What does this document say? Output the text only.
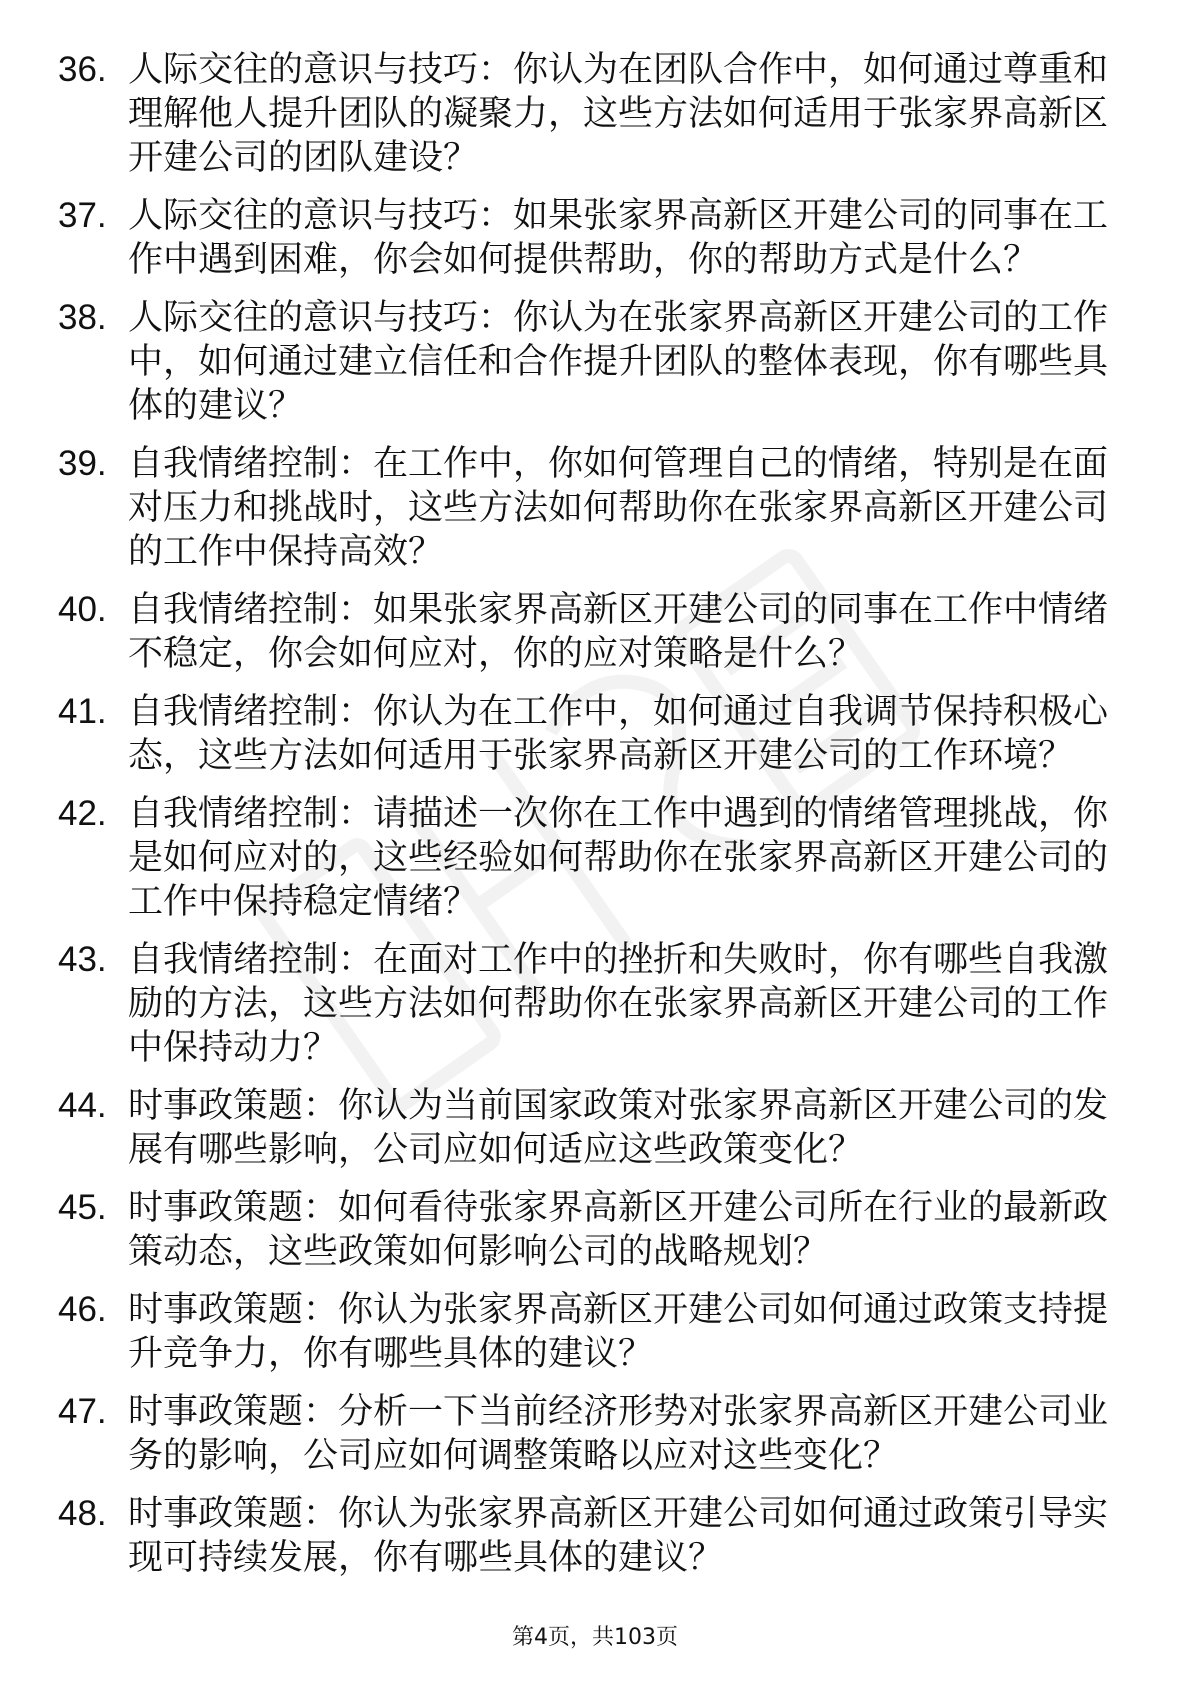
36. 人际交往的意识与技巧：你认为在团队合作中，如何通过尊重和理解他人提升团队的凝聚力，这些方法如何适用于张家界高新区开建公司的团队建设？
37. 人际交往的意识与技巧：如果张家界高新区开建公司的同事在工作中遇到困难，你会如何提供帮助，你的帮助方式是什么？
38. 人际交往的意识与技巧：你认为在张家界高新区开建公司的工作中，如何通过建立信任和合作提升团队的整体表现，你有哪些具体的建议？
39. 自我情绪控制：在工作中，你如何管理自己的情绪，特别是在面对压力和挑战时，这些方法如何帮助你在张家界高新区开建公司的工作中保持高效？
40. 自我情绪控制：如果张家界高新区开建公司的同事在工作中情绪不稳定，你会如何应对，你的应对策略是什么？
41. 自我情绪控制：你认为在工作中，如何通过自我调节保持积极心态，这些方法如何适用于张家界高新区开建公司的工作环境？
42. 自我情绪控制：请描述一次你在工作中遇到的情绪管理挑战，你是如何应对的，这些经验如何帮助你在张家界高新区开建公司的工作中保持稳定情绪？
43. 自我情绪控制：在面对工作中的挫折和失败时，你有哪些自我激励的方法，这些方法如何帮助你在张家界高新区开建公司的工作中保持动力？
44. 时事政策题：你认为当前国家政策对张家界高新区开建公司的发展有哪些影响，公司应如何适应这些政策变化？
45. 时事政策题：如何看待张家界高新区开建公司所在行业的最新政策动态，这些政策如何影响公司的战略规划？
46. 时事政策题：你认为张家界高新区开建公司如何通过政策支持提升竞争力，你有哪些具体的建议？
47. 时事政策题：分析一下当前经济形势对张家界高新区开建公司业务的影响，公司应如何调整策略以应对这些变化？
48. 时事政策题：你认为张家界高新区开建公司如何通过政策引导实现可持续发展，你有哪些具体的建议？
第4页，共103页
